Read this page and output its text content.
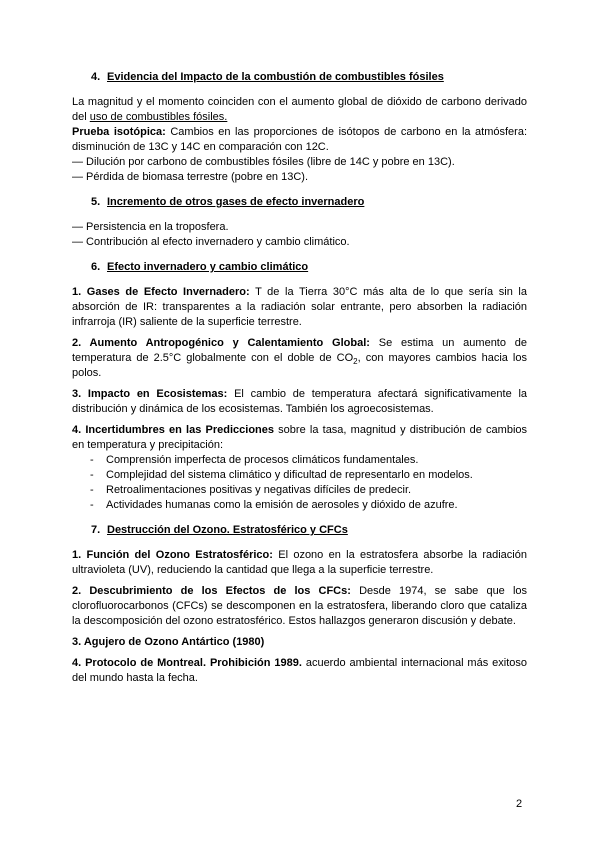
4. Evidencia del Impacto de la combustión de combustibles fósiles

La magnitud y el momento coinciden con el aumento global de dióxido de carbono derivado del uso de combustibles fósiles.

Prueba isotópica: Cambios en las proporciones de isótopos de carbono en la atmósfera: disminución de 13C y 14C en comparación con 12C.

— Dilución por carbono de combustibles fósiles (libre de 14C y pobre en 13C).

— Pérdida de biomasa terrestre (pobre en 13C).

5. Incremento de otros gases de efecto invernadero

— Persistencia en la troposfera.

— Contribución al efecto invernadero y cambio climático.

6. Efecto invernadero y cambio climático

1. Gases de Efecto Invernadero: T de la Tierra 30°C más alta de lo que sería sin la absorción de IR: transparentes a la radiación solar entrante, pero absorben la radiación infrarroja (IR) saliente de la superficie terrestre.

2. Aumento Antropogénico y Calentamiento Global: Se estima un aumento de temperatura de 2.5°C globalmente con el doble de $CO_2$, con mayores cambios hacia los polos.

3. Impacto en Ecosistemas: El cambio de temperatura afectará significativamente la distribución y dinámica de los ecosistemas. También los agroecosistemas.

4. Incertidumbres en las Predicciones sobre la tasa, magnitud y distribución de cambios en temperatura y precipitación:

- Comprensión imperfecta de procesos climáticos fundamentales.
- Complejidad del sistema climático y dificultad de representarlo en modelos.
- Retroalimentaciones positivas y negativas difíciles de predecir.
- Actividades humanas como la emisión de aerosoles y dióxido de azufre.
7. Destrucción del Ozono. Estratosférico y CFCs

1. Función del Ozono Estratosférico: El ozono en la estratosfera absorbe la radiación ultravioleta (UV), reduciendo la cantidad que llega a la superficie terrestre.

2. Descubrimiento de los Efectos de los CFCs: Desde 1974, se sabe que los clorofluorocarbonos (CFCs) se descomponen en la estratosfera, liberando cloro que cataliza la descomposición del ozono estratosférico. Estos hallazgos generaron discusión y debate.

3. Agujero de Ozono Antártico (1980)

4. Protocolo de Montreal. Prohibición 1989. acuerdo ambiental internacional más exitoso del mundo hasta la fecha.

2
